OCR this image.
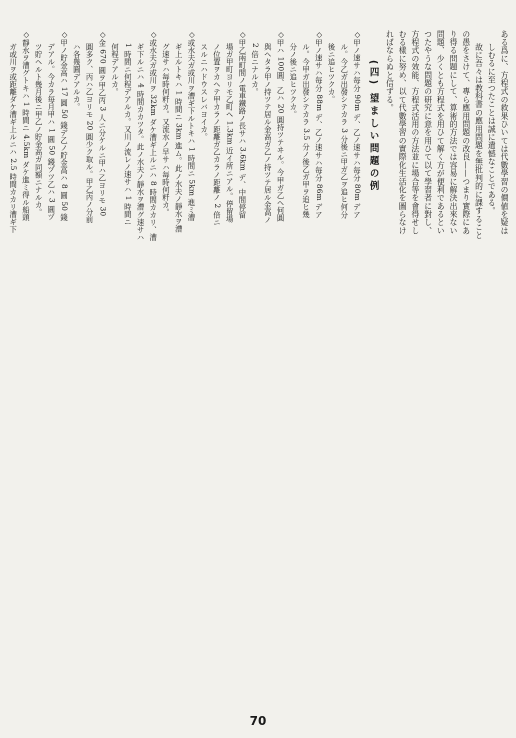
ある爲に、方程式の救果ひいては代數學習の價値を疑は
しむるに至つたことは誠に遺憾なことである。
故に吾々は教科書の應用問題を無批判的に課すること
の愚をさけて、專ら應用問題の改良——つまり實際にあ
り得る問題にして、算術的方法では容易に解決出來ない
問題、少くとも方程式を用ひて解く方が便利であるとい
つたやうな問題の研究に意を用ひて以て學習者に對し、
方程式の效能、方程式活用の方法並に場合等を會得せし
むる樣に努め、以て代數學習の實際化生活化を圖らなけ
ればならぬと信ずる。
(四) 望ましい問題の例
◇甲ノ速サハ毎分 90m デ、乙ノ速サハ毎分 80m デア
ル。今乙ガ出發シテカラ 3 分後ニ甲ガ乙ヲ追ヒ何分
後ニ追ヒツクカ。
◇甲ノ速サハ毎分 88m デ、乙ノ速サハ毎分 86m デア
ル。今甲ガ出發シテカラ 3.5 分ノ後乙ガ甲ヲ追ヒ幾
分ノ後ニ追ヒツクカ。
◇甲ハ 100圓、乙ハ 20 圓持ツテヰル。今甲ガ乙ヘ何圓
與ヘタラ甲ノ持ツテ居ル金高ガ乙ノ持ツテ居ル金高ノ
2 倍ニナルカ。
◇甲乙兩町間ノ電車鐵路ノ長サハ 3.6km デ、中間停留
場ガ甲町ヨリモ乙町へ 1.3km 近イ所ニアル。停留場
ノ位置ヲカヘテ甲カラノ距離ガ乙カラノ距離ノ 2 倍ニ
スルニハドウスレバヨイカ。
◇或水夫ガ或川ヲ漕ギ下ルトキハ 1 時間ニ 5km 進ミ漕
ギ上ルトキハ 1 時間ニ 3km 進ム。此ノ水夫ノ靜水ヲ漕
グ速サハ毎時何粁カ。又流水ノ早サハ毎時何粁カ。
◇或水夫ガ或川ヲ 32km ダケ漕ギ上ルニハ 8 時間カカリ、漕
ギ下ルニハ 4 時間カカツタ。此ノ水夫ノ靜水ヲ漕グ速サハ
1 時間ニ何程デアルカ。又川ノ流レノ速サハ 1 時間ニ
何程デアルカ。
◇金 670 圓ヲ甲乙丙 3 人ニ分ケルニ甲ハ乙ヨリモ 30
圓多ク、丙ハ乙ヨリモ 20 圓少ク取ル。甲乙丙ノ分前
ハ各幾圓デアルカ。
◇甲ノ貯金高ハ 17 圓 50 錢デ乙ノ貯金高ハ 8 圓 50 錢
デアル。今カラ毎月甲ハ 1 圓 50 錢ヅツ乙ハ 3 圓ヅ
ツ貯ヘルト幾月後ニ甲乙ノ貯金高ガ同額ニナルカ。
◇靜水ヲ漕グトキハ 1 時間ニ 4.5km ダケ進ミ得ル船頭
ガ或川ヲ或距離ダケ漕ギ上ルニハ 2.5 時間カカリ漕ギ下
70
